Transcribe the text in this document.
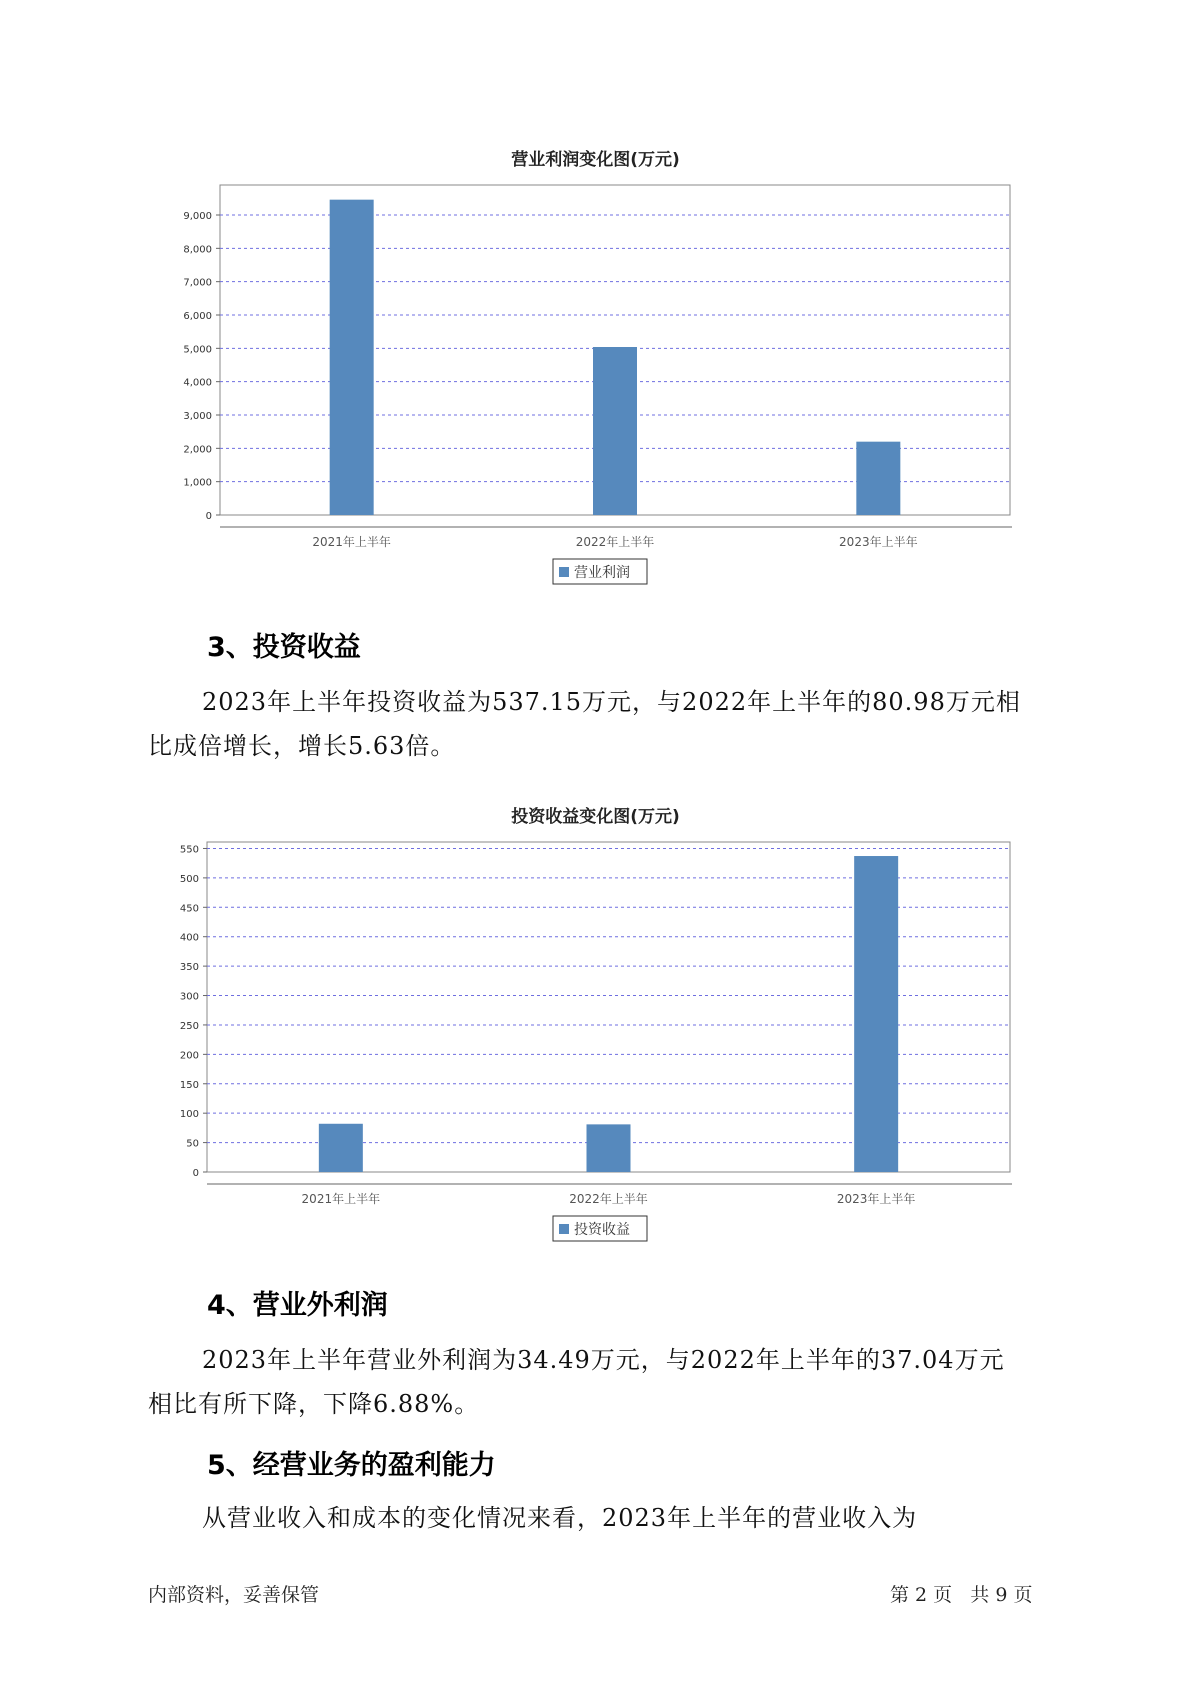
营业利润变化图(万元)
0
1,000
2,000
3,000
4,000
5,000
6,000
7,000
8,000
9,000
2021年上半年	2022年上半年	2023年上半年
营业利润
3、投资收益

2023年上半年投资收益为537.15万元，与2022年上半年的80.98万元相
比成倍增长，增长5.63倍。

投资收益变化图(万元)
0
50
100
150
200
250
300
350
400
450
500
550
2021年上半年	2022年上半年	2023年上半年
投资收益
4、营业外利润

2023年上半年营业外利润为34.49万元，与2022年上半年的37.04万元
相比有所下降，下降6.88%。

5、经营业务的盈利能力

从营业收入和成本的变化情况来看，2023年上半年的营业收入为

内部资料，妥善保管	第 2 页   共 9 页
